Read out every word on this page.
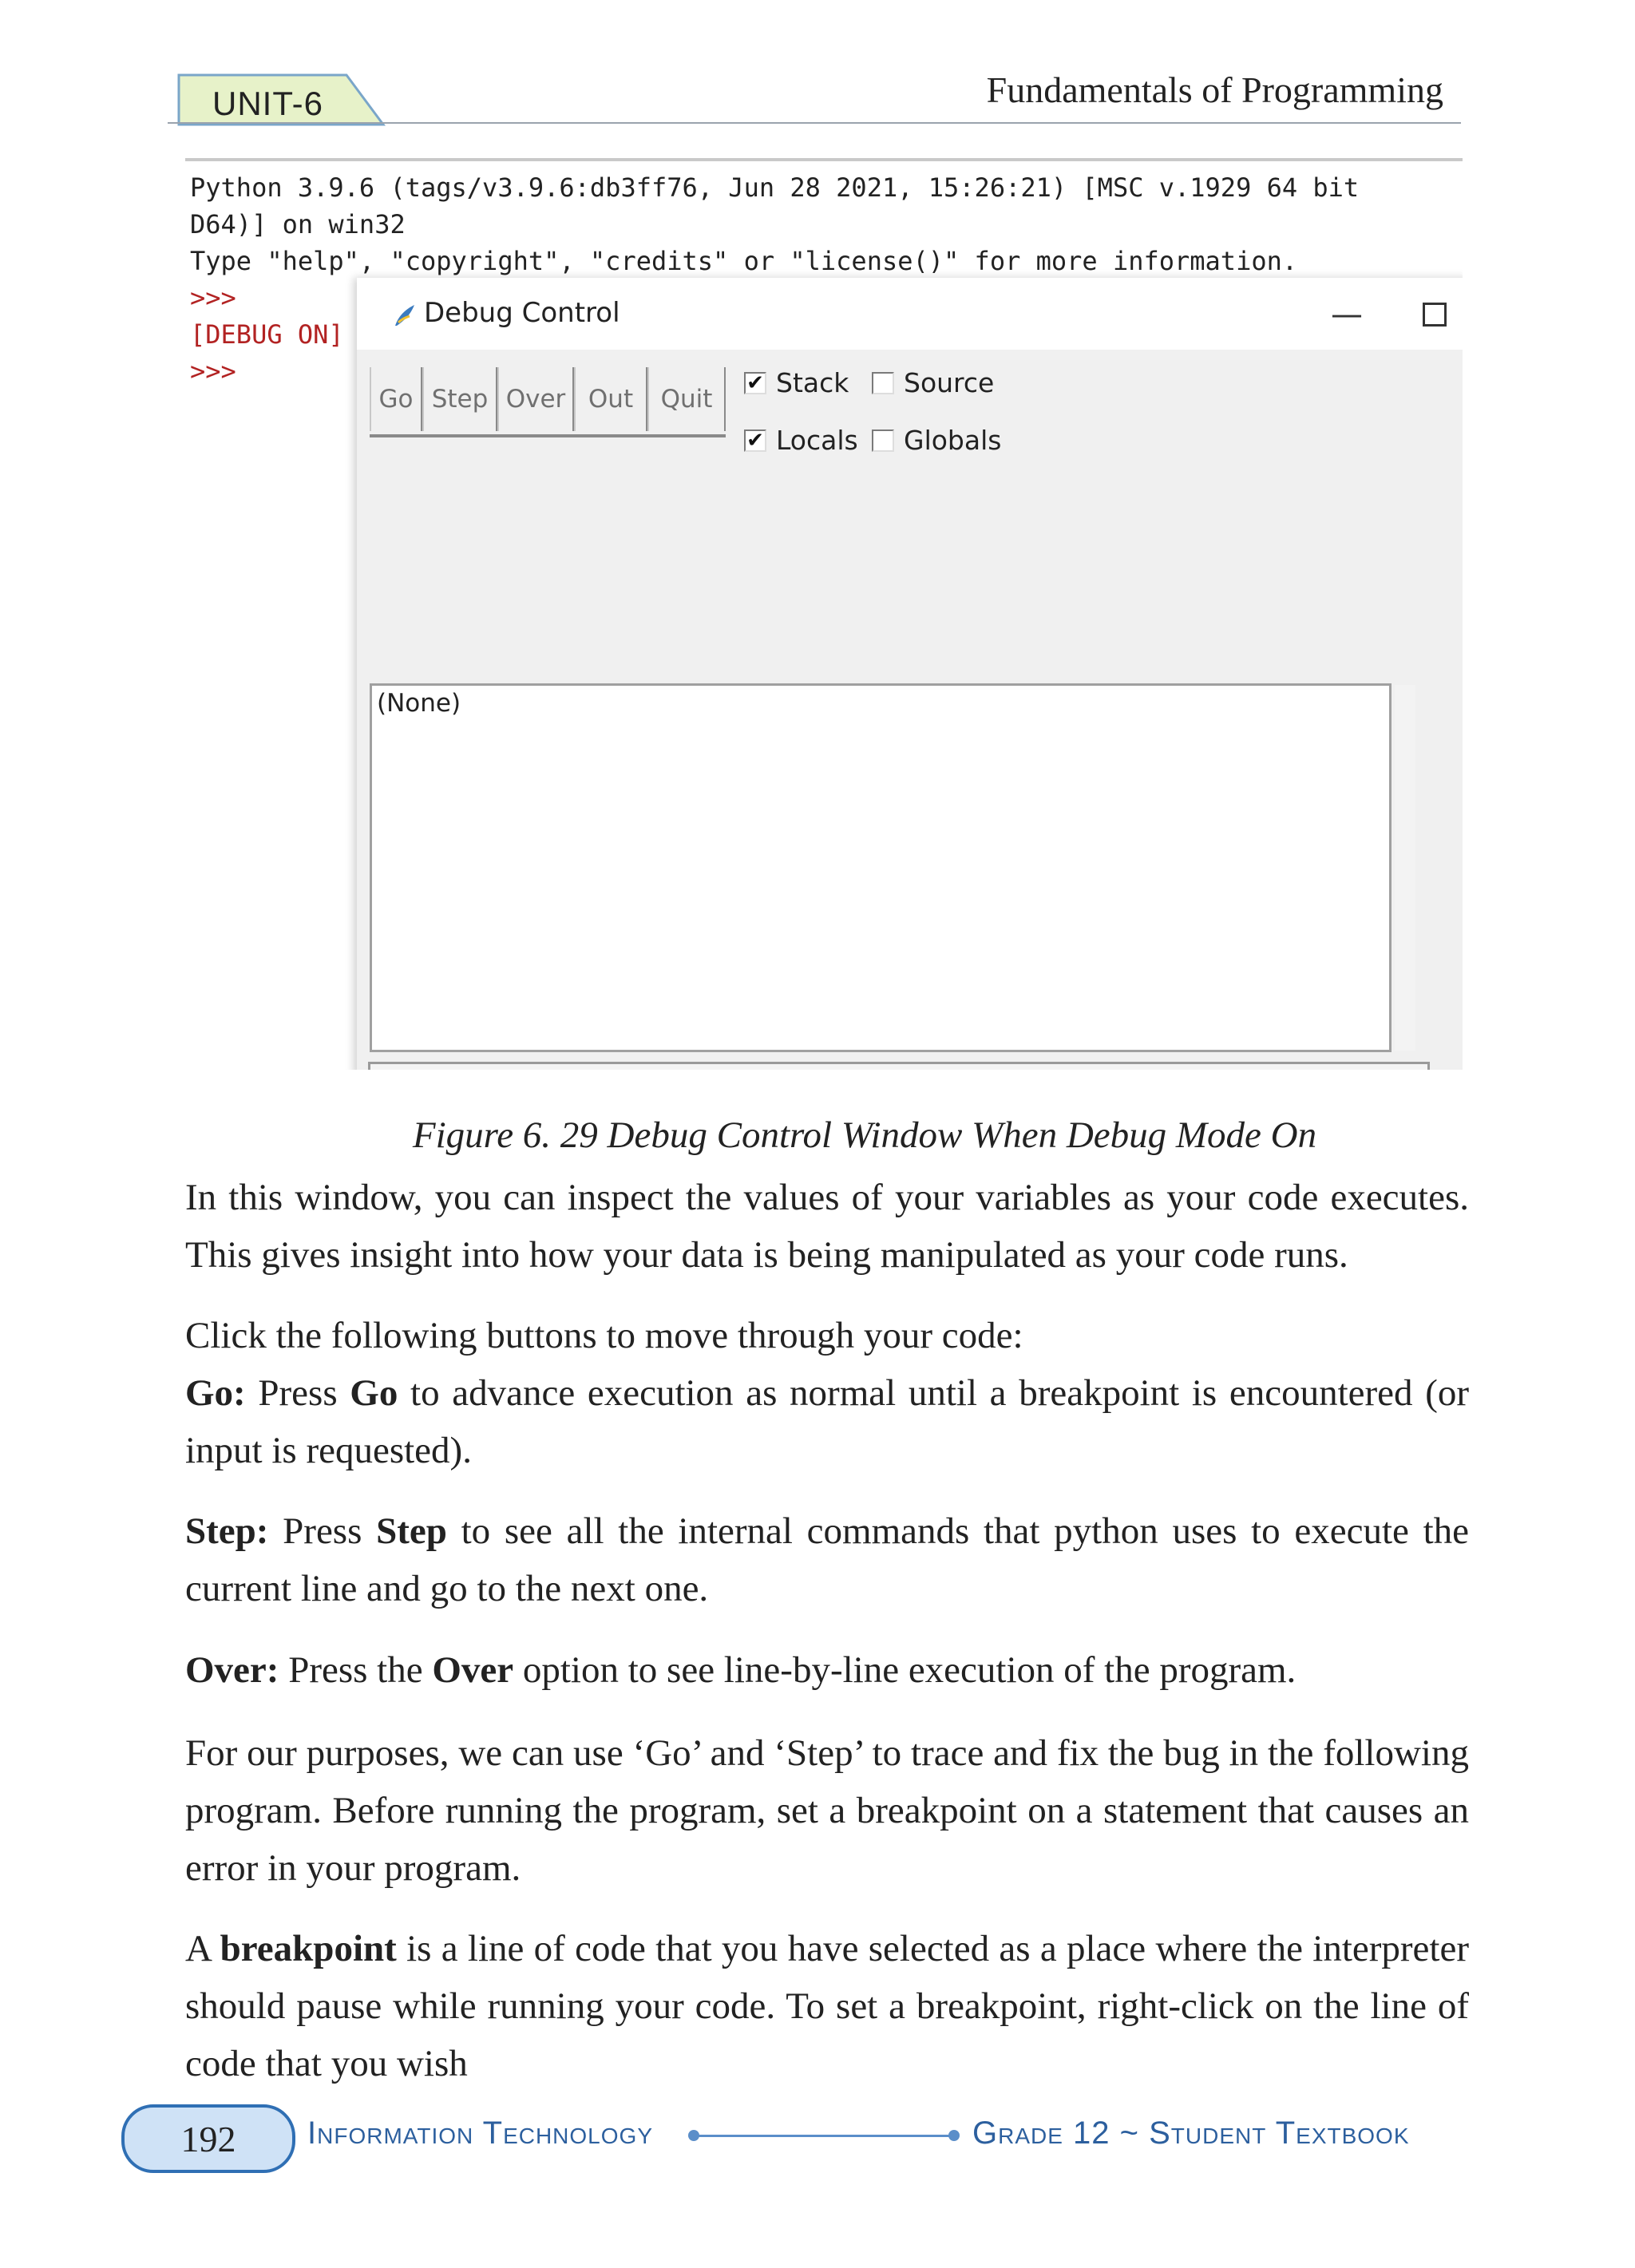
UNIT-6	Fundamentals of Programming
Python 3.9.6 (tags/v3.9.6:db3ff76, Jun 28 2021, 15:26:21) [MSC v.1929 64 bit
D64)] on win32
Type "help", "copyright", "credits" or "license()" for more information.
>>>
[DEBUG ON]
>>>
Debug Control	—
Go Step Over Out	Quit
✔ Stack Source
✔ Locals Globals
(None)
Figure 6. 29 Debug Control Window When Debug Mode On

In this window, you can inspect the values of your variables as your code executes. This gives insight into how your data is being manipulated as your code runs.

Click the following buttons to move through your code:

Go: Press Go to advance execution as normal until a breakpoint is encountered (or input is requested).

Step: Press Step to see all the internal commands that python uses to execute the current line and go to the next one.

Over: Press the Over option to see line-by-line execution of the program.

For our purposes, we can use ‘Go’ and ‘Step’ to trace and fix the bug in the following program. Before running the program, set a breakpoint on a statement that causes an error in your program.

A breakpoint is a line of code that you have selected as a place where the interpreter should pause while running your code. To set a breakpoint, right-click on the line of code that you wish

192	Information Technology	Grade 12 ~ Student Textbook
